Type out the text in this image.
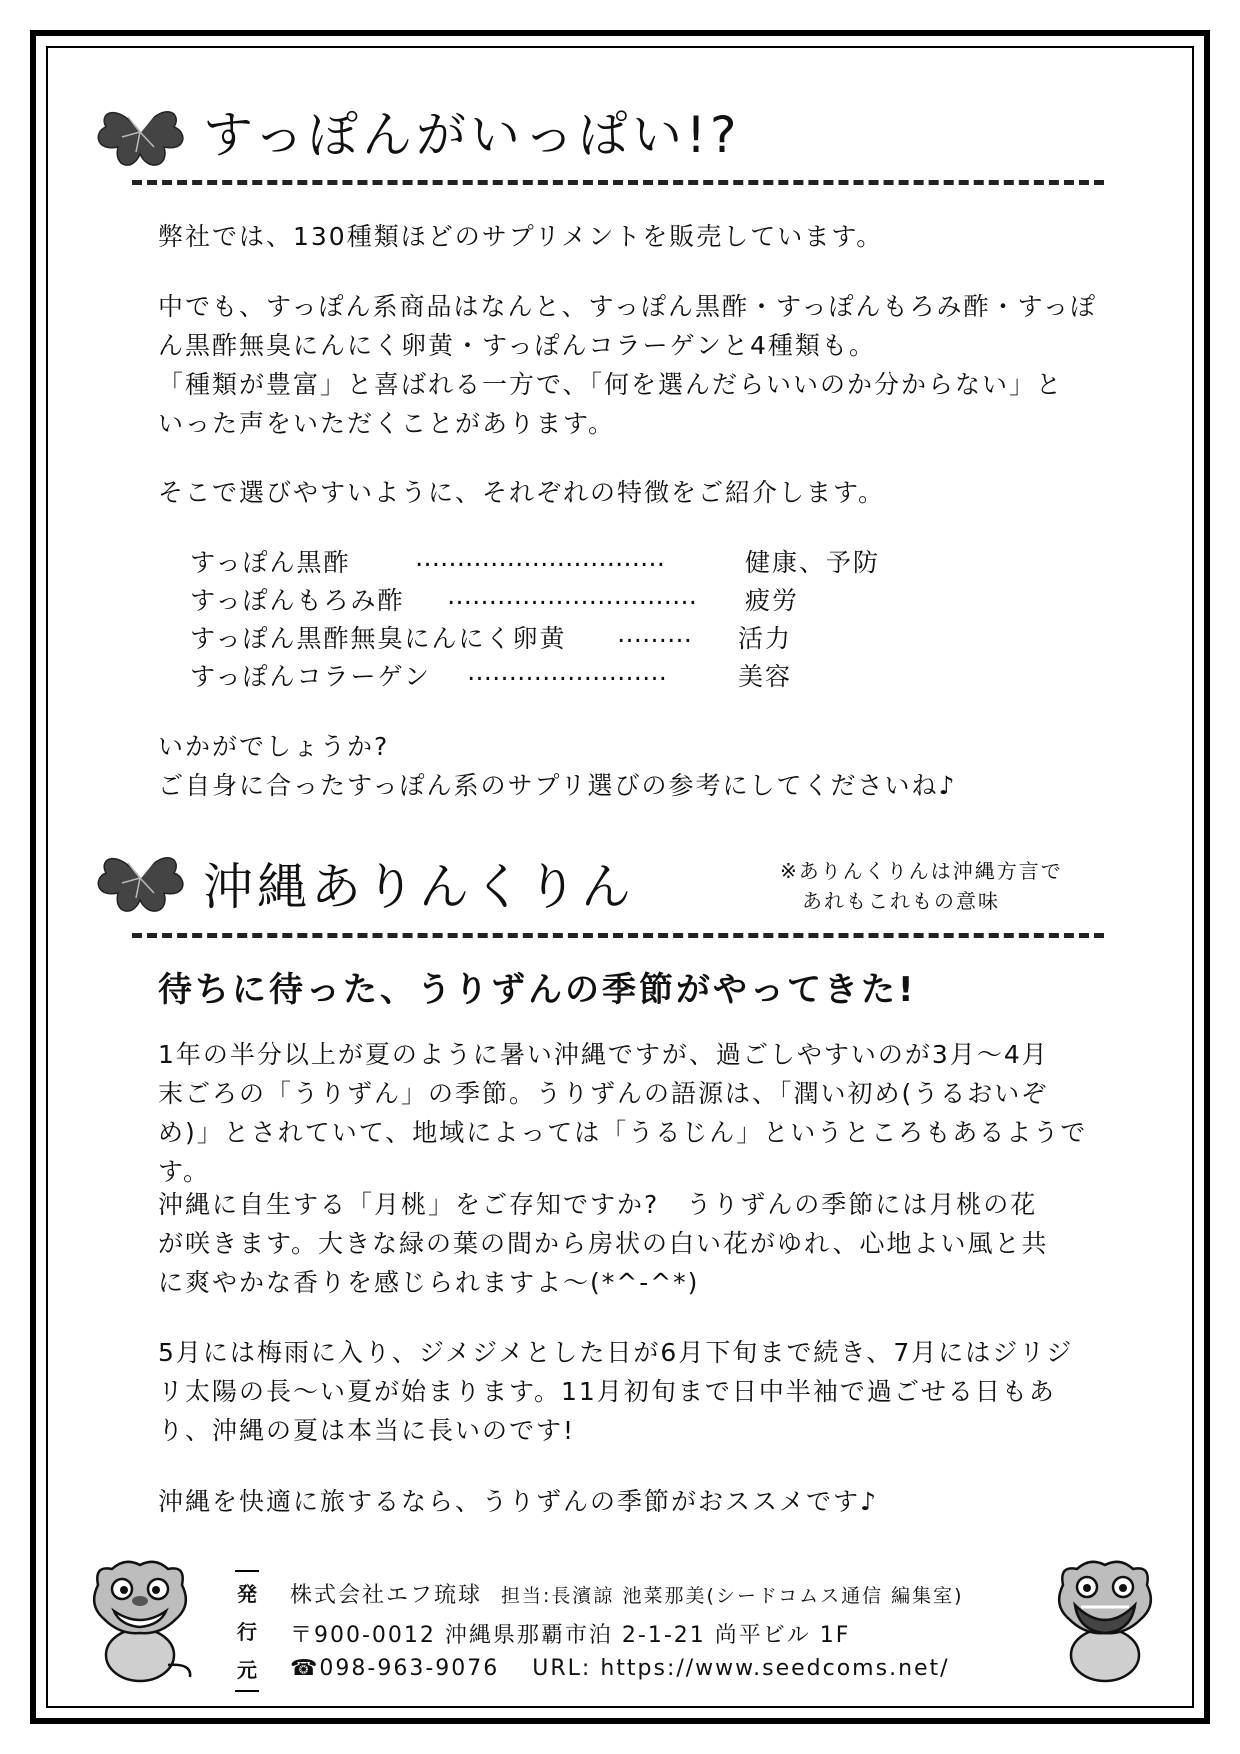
すっぽんがいっぱい!?

弊社では、130種類ほどのサプリメントを販売しています。

中でも、すっぽん系商品はなんと、すっぽん黒酢・すっぽんもろみ酢・すっぽ
ん黒酢無臭にんにく卵黄・すっぽんコラーゲンと4種類も。
「種類が豊富」と喜ばれる一方で、「何を選んだらいいのか分からない」と
いった声をいただくことがあります。

そこで選びやすいように、それぞれの特徴をご紹介します。

すっぽん黒酢	…………………………	健康、予防
すっぽんもろみ酢 ………………………… 疲労
すっぽん黒酢無臭にんにく卵黄 ……… 活力
すっぽんコラーゲン ……………………	美容

いかがでしょうか?
ご自身に合ったすっぽん系のサプリ選びの参考にしてくださいね♪

沖縄ありんくりん	※ありんくりんは沖縄方言で
　あれもこれもの意味

待ちに待った、うりずんの季節がやってきた!

1年の半分以上が夏のように暑い沖縄ですが、過ごしやすいのが3月〜4月
末ごろの「うりずん」の季節。うりずんの語源は、「潤い初め(うるおいぞ
め)」とされていて、地域によっては「うるじん」というところもあるようです。

沖縄に自生する「月桃」をご存知ですか?　うりずんの季節には月桃の花
が咲きます。大きな緑の葉の間から房状の白い花がゆれ、心地よい風と共
に爽やかな香りを感じられますよ〜(*^-^*)

5月には梅雨に入り、ジメジメとした日が6月下旬まで続き、7月にはジリジ
リ太陽の長〜い夏が始まります。11月初旬まで日中半袖で過ごせる日もあ
り、沖縄の夏は本当に長いのです!

沖縄を快適に旅するなら、うりずんの季節がおススメです♪

発
行
元
株式会社エフ琉球 担当:長濱諒 池菜那美(シードコムス通信 編集室)
〒900-0012 沖縄県那覇市泊 2-1-21 尚平ビル 1F
☎098-963-9076 URL: https://www.seedcoms.net/
